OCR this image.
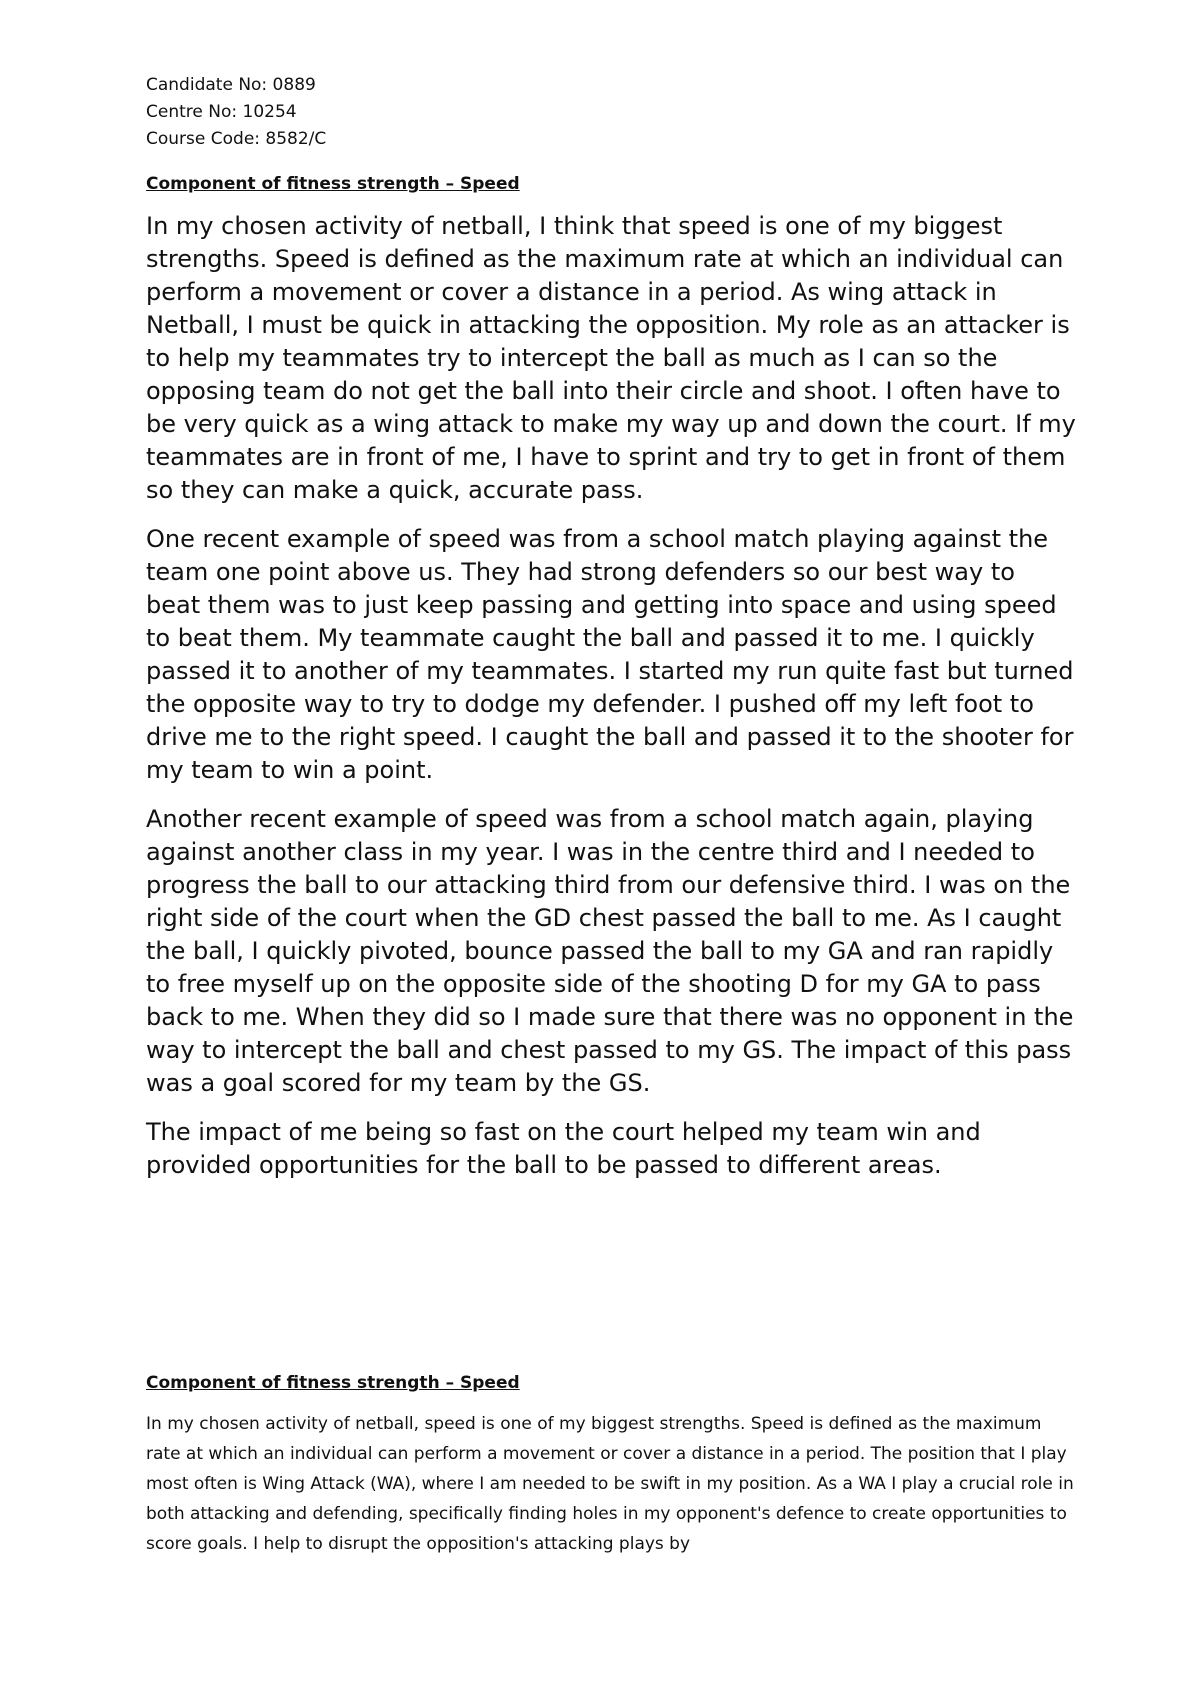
Candidate No: 0889

Centre No: 10254

Course Code: 8582/C

Component of fitness strength – Speed

In my chosen activity of netball, I think that speed is one of my biggest strengths. Speed is defined as the maximum rate at which an individual can perform a movement or cover a distance in a period. As wing attack in Netball, I must be quick in attacking the opposition. My role as an attacker is to help my teammates try to intercept the ball as much as I can so the opposing team do not get the ball into their circle and shoot. I often have to be very quick as a wing attack to make my way up and down the court. If my teammates are in front of me, I have to sprint and try to get in front of them so they can make a quick, accurate pass.

One recent example of speed was from a school match playing against the team one point above us. They had strong defenders so our best way to beat them was to just keep passing and getting into space and using speed to beat them. My teammate caught the ball and passed it to me. I quickly passed it to another of my teammates. I started my run quite fast but turned the opposite way to try to dodge my defender. I pushed off my left foot to drive me to the right speed. I caught the ball and passed it to the shooter for my team to win a point.

Another recent example of speed was from a school match again, playing against another class in my year. I was in the centre third and I needed to progress the ball to our attacking third from our defensive third. I was on the right side of the court when the GD chest passed the ball to me. As I caught the ball, I quickly pivoted, bounce passed the ball to my GA and ran rapidly to free myself up on the opposite side of the shooting D for my GA to pass back to me. When they did so I made sure that there was no opponent in the way to intercept the ball and chest passed to my GS. The impact of this pass was a goal scored for my team by the GS.

The impact of me being so fast on the court helped my team win and provided opportunities for the ball to be passed to different areas.

Component of fitness strength – Speed

In my chosen activity of netball, speed is one of my biggest strengths. Speed is defined as the maximum rate at which an individual can perform a movement or cover a distance in a period. The position that I play most often is Wing Attack (WA), where I am needed to be swift in my position. As a WA I play a crucial role in both attacking and defending, specifically finding holes in my opponent's defence to create opportunities to score goals. I help to disrupt the opposition's attacking plays by
